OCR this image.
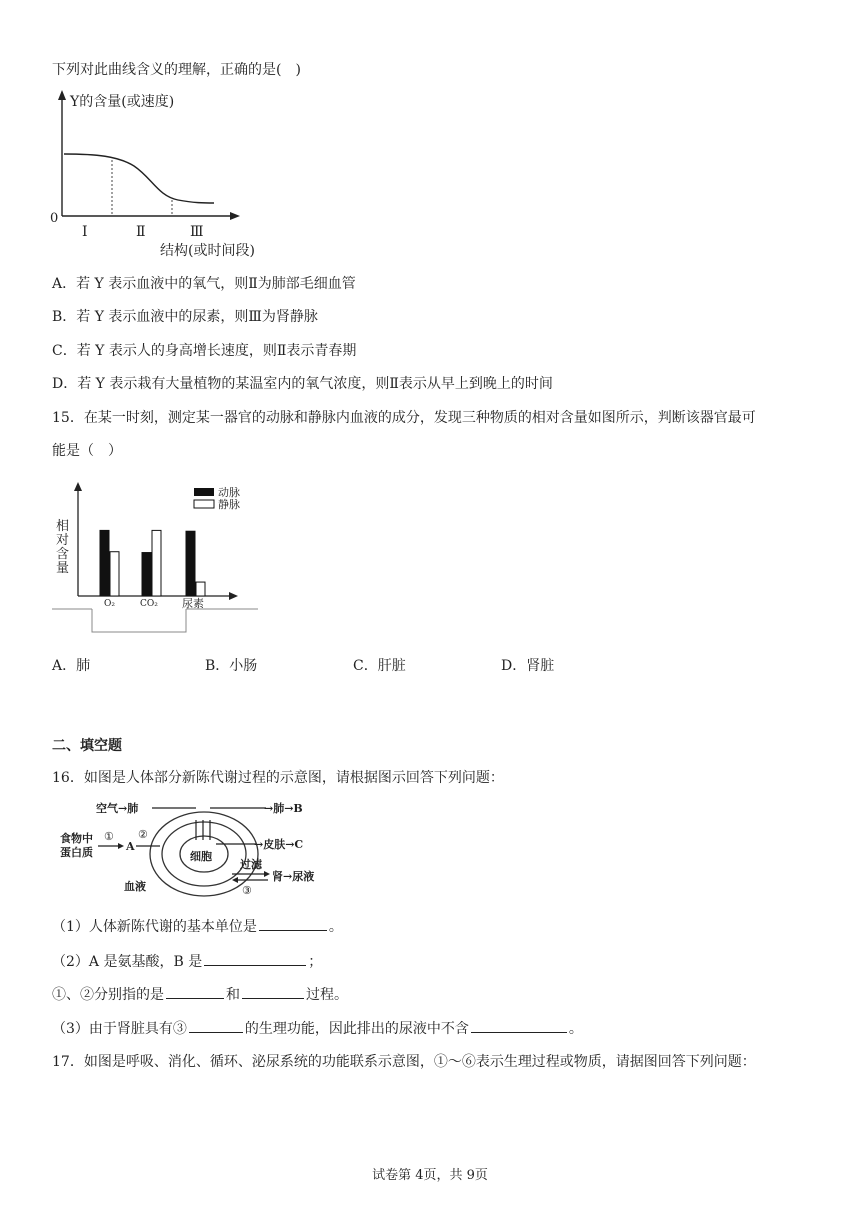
下列对此曲线含义的理解，正确的是(　)
Y的含量(或速度)
0
Ⅰ	Ⅱ	Ⅲ
结构(或时间段)
A．若 Y 表示血液中的氧气，则Ⅱ为肺部毛细血管
B．若 Y 表示血液中的尿素，则Ⅲ为肾静脉
C．若 Y 表示人的身高增长速度，则Ⅱ表示青春期
D．若 Y 表示栽有大量植物的某温室内的氧气浓度，则Ⅱ表示从早上到晚上的时间
15．在某一时刻，测定某一器官的动脉和静脉内血液的成分，发现三种物质的相对含量如图所示，判断该器官最可
能是（　）
相
对
含
量
动脉
静脉
O₂	CO₂ 尿素
A．肺	B．小肠	C．肝脏	D．肾脏
二、填空题
16．如图是人体部分新陈代谢过程的示意图，请根据图示回答下列问题：
细胞
空气→肺	→肺→B
食物中
蛋白质
①
A
②
→皮肤→C
过滤
肾→尿液
③
血液
（1）人体新陈代谢的基本单位是	。
（2）A 是氨基酸，B 是	；
①、②分别指的是	和	过程。
（3）由于肾脏具有③	的生理功能，因此排出的尿液中不含	。
17．如图是呼吸、消化、循环、泌尿系统的功能联系示意图，①～⑥表示生理过程或物质，请据图回答下列问题：
试卷第 4页，共 9页
